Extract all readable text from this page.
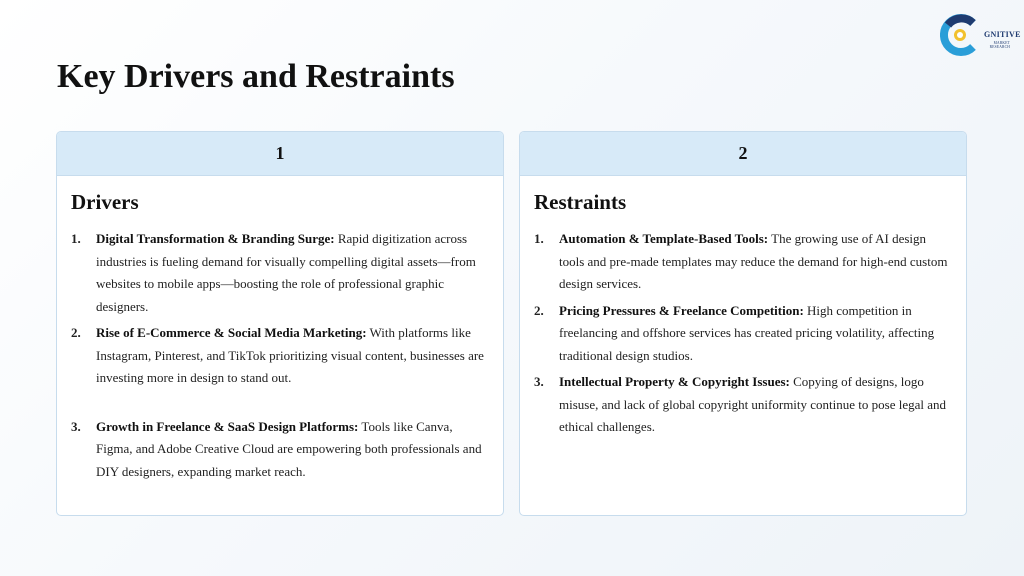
Key Drivers and Restraints
GNITIVE
MARKET RESEARCH
1
Drivers
1. Digital Transformation & Branding Surge: Rapid digitization across industries is fueling demand for visually compelling digital assets—from websites to mobile apps—boosting the role of professional graphic designers.
2. Rise of E-Commerce & Social Media Marketing: With platforms like Instagram, Pinterest, and TikTok prioritizing visual content, businesses are investing more in design to stand out.
3. Growth in Freelance & SaaS Design Platforms: Tools like Canva, Figma, and Adobe Creative Cloud are empowering both professionals and DIY designers, expanding market reach.
2
Restraints
1. Automation & Template-Based Tools: The growing use of AI design tools and pre-made templates may reduce the demand for high-end custom design services.
2. Pricing Pressures & Freelance Competition: High competition in freelancing and offshore services has created pricing volatility, affecting traditional design studios.
3. Intellectual Property & Copyright Issues: Copying of designs, logo misuse, and lack of global copyright uniformity continue to pose legal and ethical challenges.
